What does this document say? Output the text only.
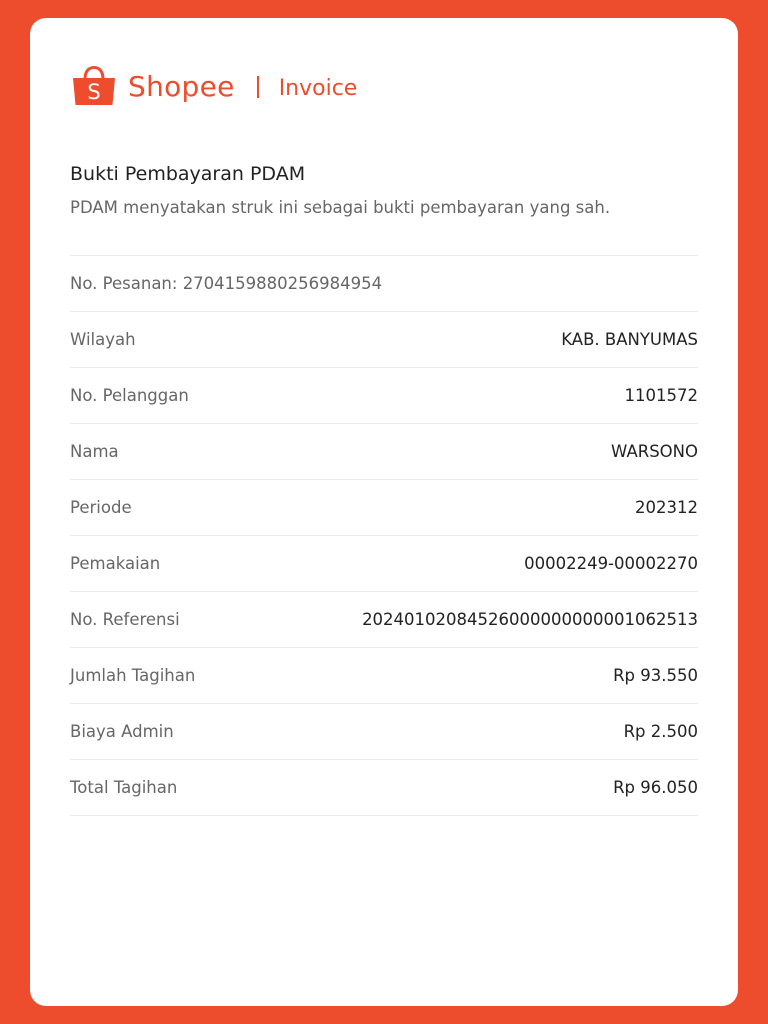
S Shopee Invoice
Bukti Pembayaran PDAM

PDAM menyatakan struk ini sebagai bukti pembayaran yang sah.

No. Pesanan: 2704159880256984954
Wilayah	KAB. BANYUMAS
No. Pelanggan	1101572
Nama	WARSONO
Periode	202312
Pemakaian	00002249-00002270
No. Referensi	20240102084526000000000001062513
Jumlah Tagihan	Rp 93.550
Biaya Admin	Rp 2.500
Total Tagihan	Rp 96.050
